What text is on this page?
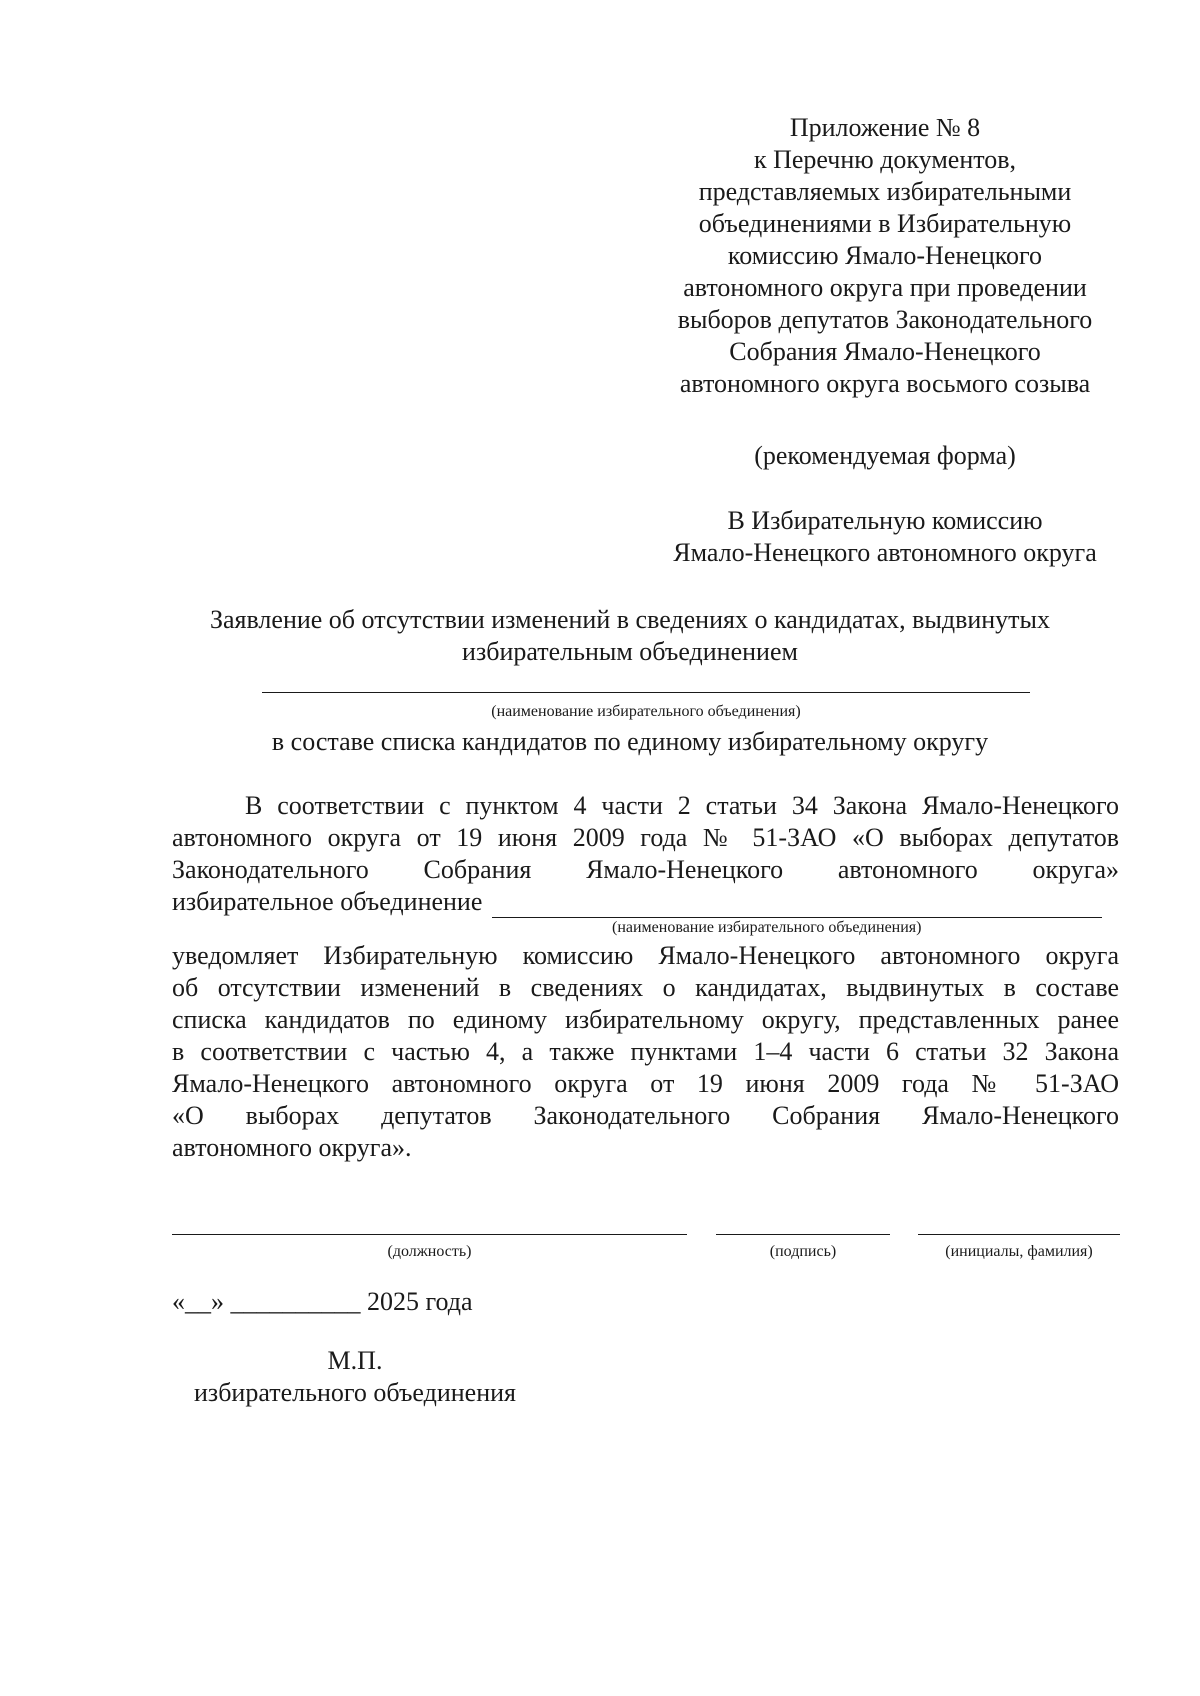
Приложение № 8
к Перечню документов,
представляемых избирательными
объединениями в Избирательную
комиссию Ямало-Ненецкого
автономного округа при проведении
выборов депутатов Законодательного
Собрания Ямало-Ненецкого
автономного округа восьмого созыва
(рекомендуемая форма)
В Избирательную комиссию
Ямало-Ненецкого автономного округа
Заявление об отсутствии изменений в сведениях о кандидатах, выдвинутых
избирательным объединением
(наименование избирательного объединения)
в составе списка кандидатов по единому избирательному округу
В соответствии с пунктом 4 части 2 статьи 34 Закона Ямало-Ненецкого
автономного округа от 19 июня 2009 года № 51-ЗАО «О выборах депутатов
Законодательного Собрания Ямало-Ненецкого автономного округа»
избирательное объединение
(наименование избирательного объединения)
уведомляет Избирательную комиссию Ямало-Ненецкого автономного округа
об отсутствии изменений в сведениях о кандидатах, выдвинутых в составе
списка кандидатов по единому избирательному округу, представленных ранее
в соответствии с частью 4, а также пунктами 1–4 части 6 статьи 32 Закона
Ямало-Ненецкого автономного округа от 19 июня 2009 года № 51-ЗАО
«О выборах депутатов Законодательного Собрания Ямало-Ненецкого
автономного округа».
(должность)	(подпись)	(инициалы, фамилия)
«__» __________ 2025 года
М.П.
избирательного объединения
